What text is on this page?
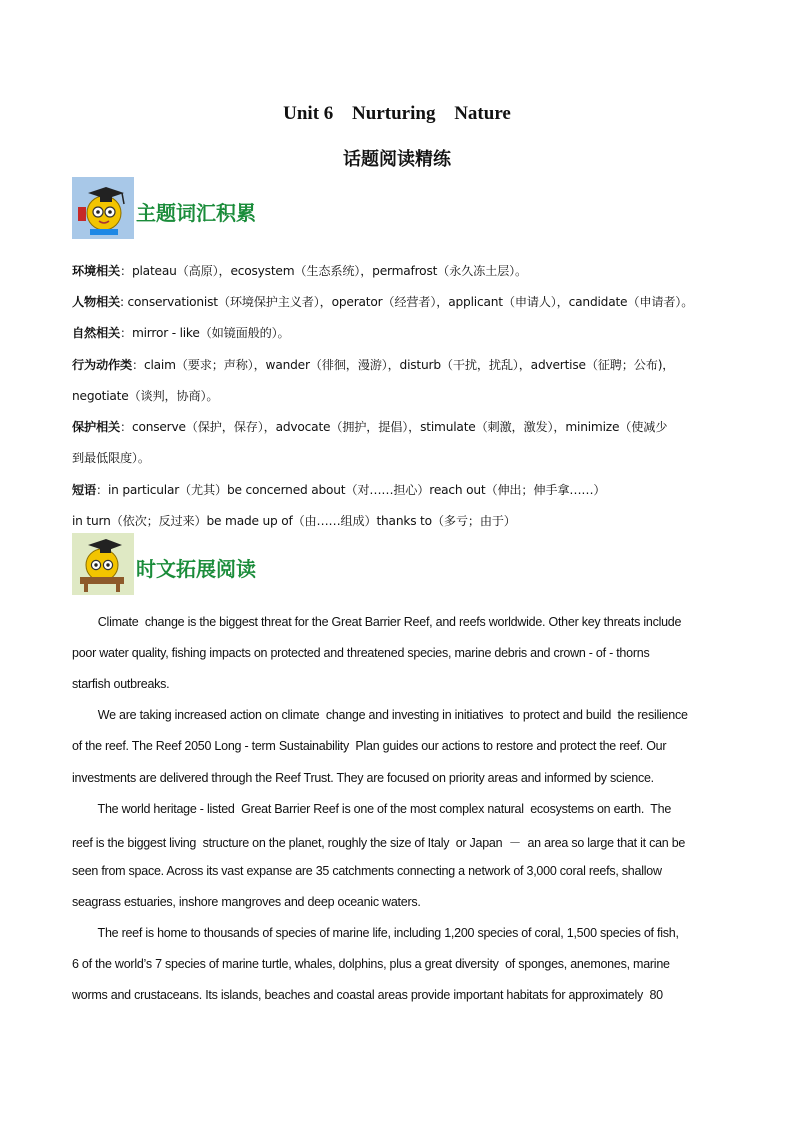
Unit 6 Nurturing Nature
话题阅读精练
主题词汇积累
环境相关：plateau（高原），ecosystem（生态系统），permafrost（永久冻土层）。
人物相关: conservationist（环境保护主义者），operator（经营者），applicant（申请人），candidate（申请者）。
自然相关：mirror - like（如镜面般的）。
行为动作类：claim（要求；声称），wander（徘徊，漫游），disturb（干扰，扰乱），advertise（征聘；公布)，
negotiate（谈判，协商）。
保护相关：conserve（保护，保存），advocate（拥护，提倡），stimulate（刺激，激发），minimize（使减少
到最低限度）。
短语：in particular（尤其）be concerned about（对……担心）reach out（伸出；伸手拿……）
in turn（依次；反过来）be made up of（由……组成）thanks to（多亏；由于）
时文拓展阅读
Climate  change is the biggest threat for the Great Barrier Reef, and reefs worldwide. Other key threats include
poor water quality, fishing impacts on protected and threatened species, marine debris and crown - of - thorns
starfish outbreaks.
We are taking increased action on climate  change and investing in initiatives  to protect and build  the resilience
of the reef. The Reef 2050 Long - term Sustainability  Plan guides our actions to restore and protect the reef. Our
investments are delivered through the Reef Trust. They are focused on priority areas and informed by science.
The world heritage - listed  Great Barrier Reef is one of the most complex natural  ecosystems on earth.  The
reef is the biggest living  structure on the planet, roughly the size of Italy  or Japan  －  an area so large that it can be
seen from space. Across its vast expanse are 35 catchments connecting a network of 3,000 coral reefs, shallow
seagrass estuaries, inshore mangroves and deep oceanic waters.
The reef is home to thousands of species of marine life, including 1,200 species of coral, 1,500 species of fish,
6 of the world’s 7 species of marine turtle, whales, dolphins, plus a great diversity  of sponges, anemones, marine
worms and crustaceans. Its islands, beaches and coastal areas provide important habitats for approximately  80
